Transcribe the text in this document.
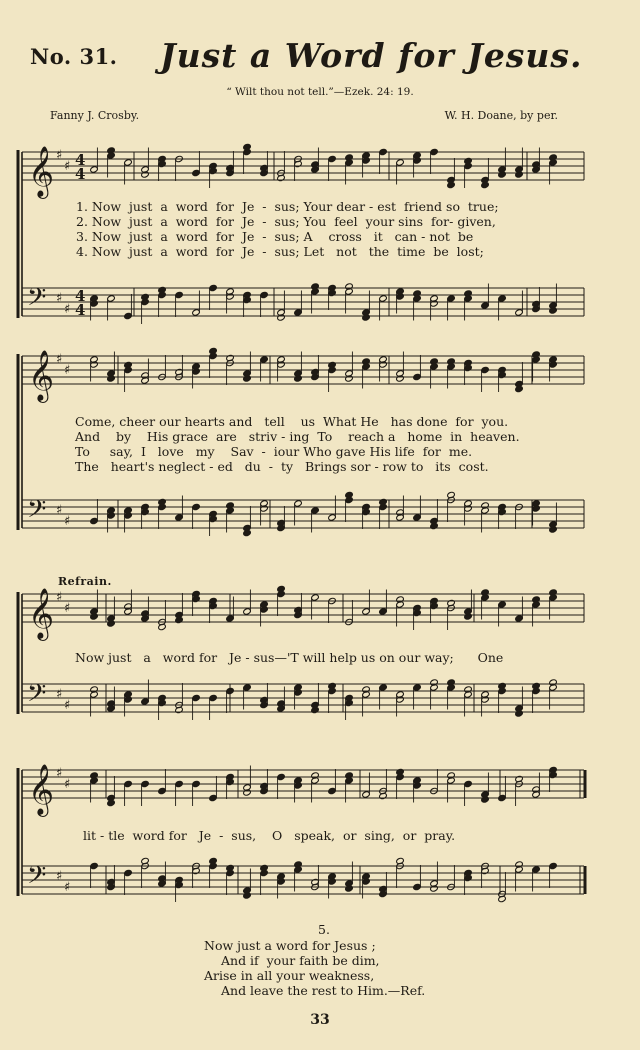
No. 31. Just a Word for Jesus.
“ Wilt thou not tell.”—Ezek. 24: 19.
Fanny J. Crosby.	W. H. Doane, by per.
𝄞 ♯
♯ 4
4
𝄢 ♯
♯
4
4
𝄞 ♯
♯
𝄢 ♯
♯
𝄞 ♯
♯
𝄢 ♯
♯
𝄞 ♯
♯
𝄢 ♯
♯
1. Now  just  a  word  for  Je  -  sus; Your dear - est  friend so  true;
2. Now  just  a  word  for  Je  -  sus; You  feel  your sins  for- given,
3. Now  just  a  word  for  Je  -  sus; A    cross   it   can - not  be
4. Now  just  a  word  for  Je  -  sus; Let   not   the  time  be  lost;
Come, cheer our hearts and   tell    us  What He   has done  for  you.
And    by    His grace  are   striv - ing  To    reach a   home  in  heaven.
To     say,  I   love   my    Sav  -  iour Who gave His life  for  me.
The   heart's neglect - ed   du  -  ty   Brings sor - row to   its  cost.
Refrain.
Now just   a   word for   Je - sus—'T will help us on our way;      One
lit - tle  word for   Je  -  sus,    O   speak,  or  sing,  or  pray.
5.
Now just a word for Jesus ;
And if  your faith be dim,
Arise in all your weakness,
And leave the rest to Him.—Ref.
33
